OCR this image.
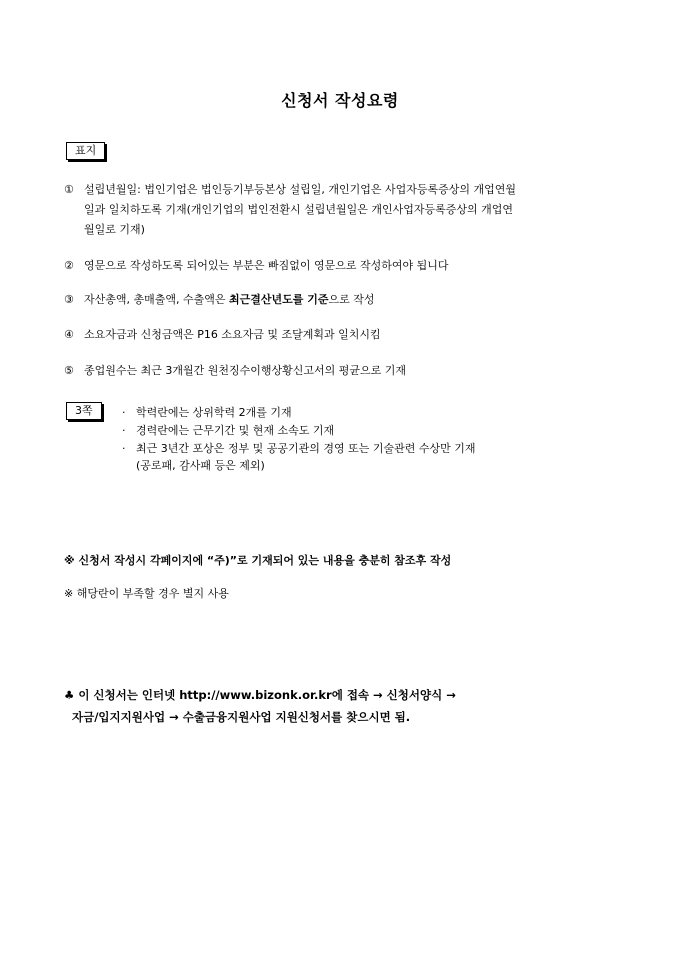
신청서 작성요령
표지
① 설립년월일: 법인기업은 법인등기부등본상 설립일, 개인기업은 사업자등록증상의 개업연월
일과 일치하도록 기재(개인기업의 법인전환시 설립년월일은 개인사업자등록증상의 개업연
월일로 기재)
② 영문으로 작성하도록 되어있는 부분은 빠짐없이 영문으로 작성하여야 됩니다
③ 자산총액, 총매출액, 수출액은 최근결산년도를 기준으로 작성
④ 소요자금과 신청금액은 P16 소요자금 및 조달계획과 일치시킴
⑤ 종업원수는 최근 3개월간 원천징수이행상황신고서의 평균으로 기재
3쪽	· 학력란에는 상위학력 2개를 기재
· 경력란에는 근무기간 및 현재 소속도 기재
· 최근 3년간 포상은 정부 및 공공기관의 경영 또는 기술관련 수상만 기재
(공로패, 감사패 등은 제외)
※ 신청서 작성시 각페이지에 “주)”로 기재되어 있는 내용을 충분히 참조후 작성
※ 해당란이 부족할 경우 별지 사용
♣ 이 신청서는 인터넷 http://www.bizonk.or.kr에 접속 → 신청서양식 →
자금/입지지원사업 → 수출금융지원사업 지원신청서를 찾으시면 됨.
